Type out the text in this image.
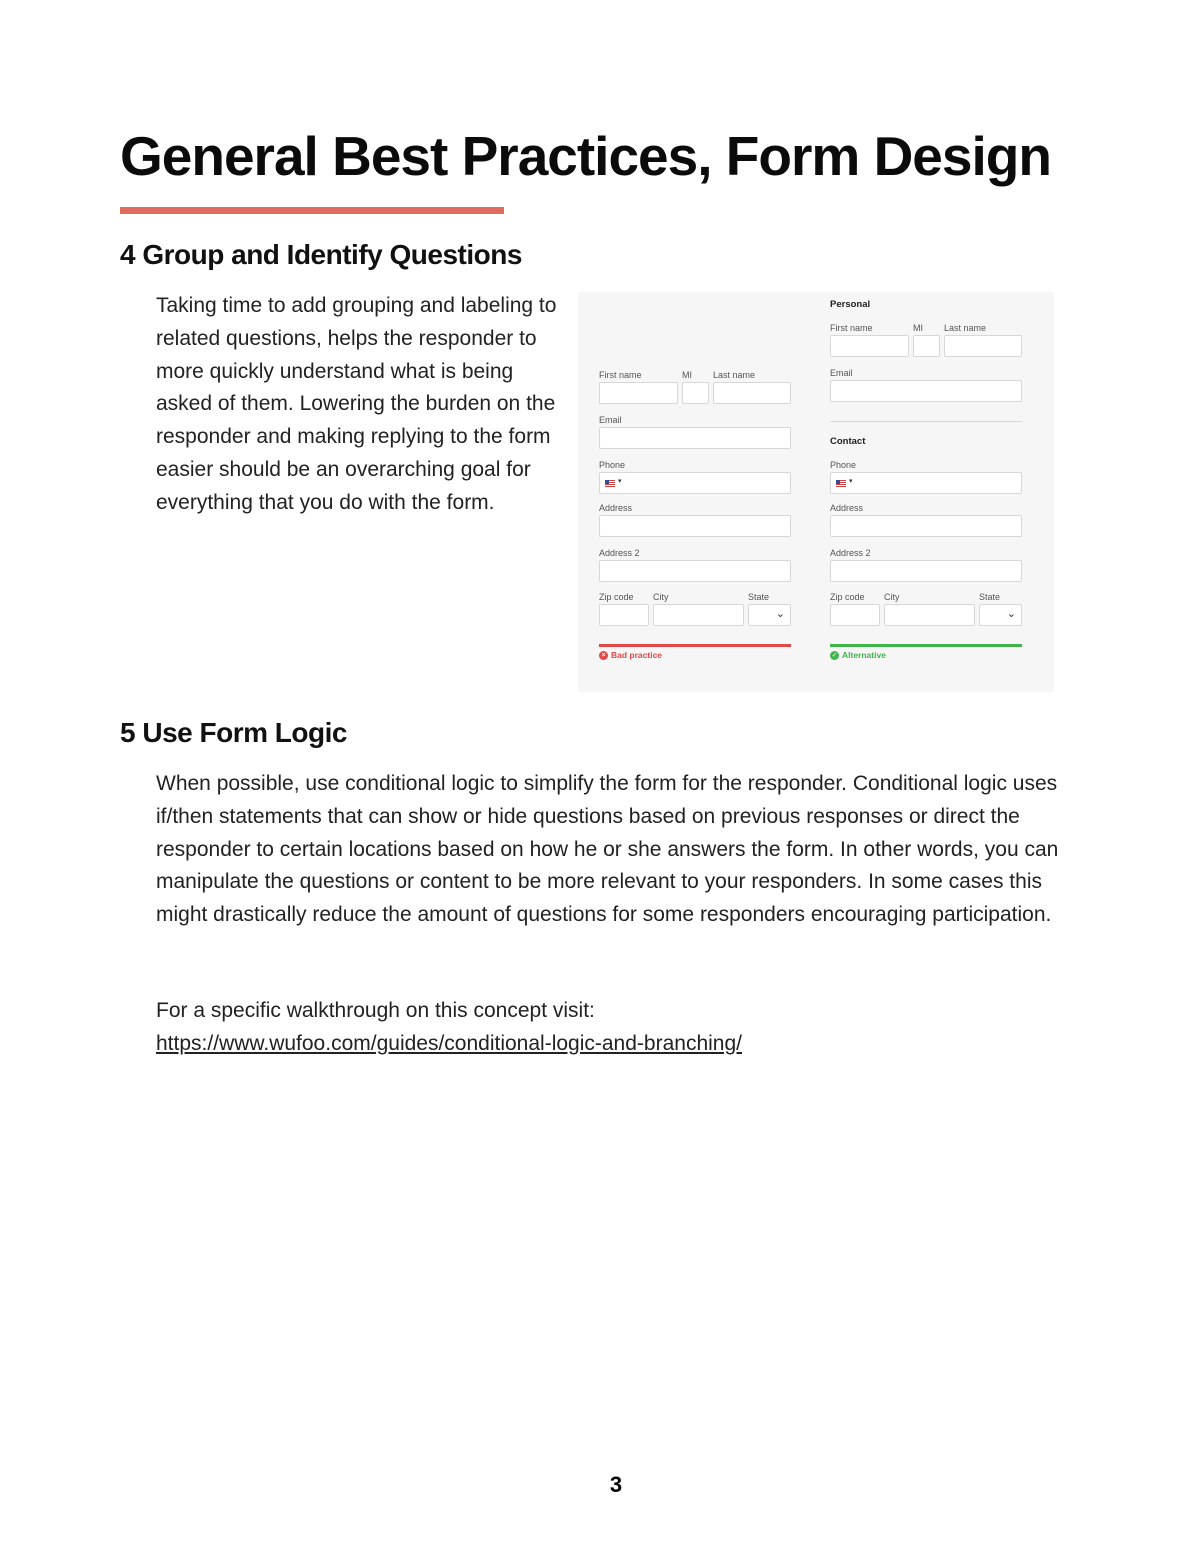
General Best Practices, Form Design
4 Group and Identify Questions

Taking time to add grouping and labeling to related questions, helps the responder to more quickly understand what is being asked of them. Lowering the burden on the responder and making replying to the form easier should be an overarching goal for everything that you do with the form.

First name	MI Last name
Email
Phone
▾
Address
Address 2
Zip code City	State
⌄
× Bad practice
Personal
First name	MI Last name
Email
Contact
Phone
▾
Address
Address 2
Zip code City	State
⌄
✓ Alternative
5 Use Form Logic

When possible, use conditional logic to simplify the form for the responder. Conditional logic uses if/then statements that can show or hide questions based on previous responses or direct the responder to certain locations based on how he or she answers the form. In other words, you can manipulate the questions or content to be more relevant to your responders. In some cases this might drastically reduce the amount of questions for some responders encouraging participation.

For a specific walkthrough on this concept visit:
https://www.wufoo.com/guides/conditional-logic-and-branching/

3
